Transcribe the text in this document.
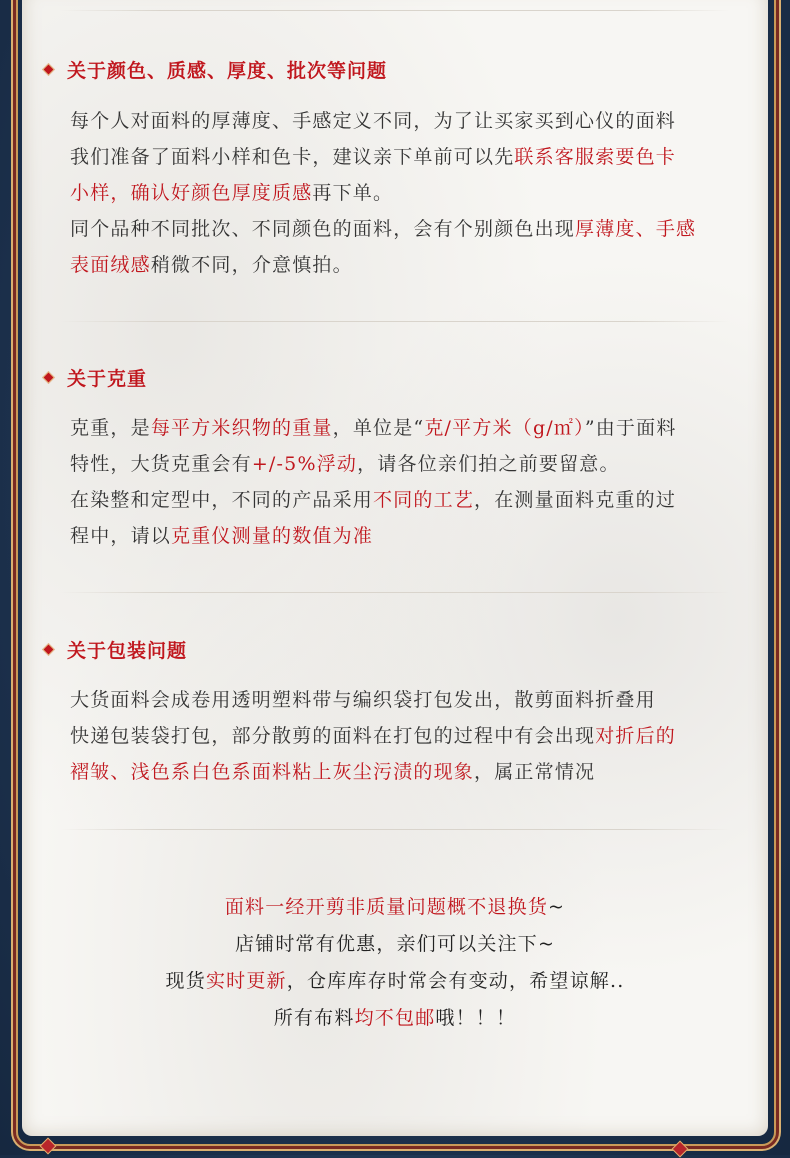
关于颜色、质感、厚度、批次等问题
每个人对面料的厚薄度、手感定义不同，为了让买家买到心仪的面料
我们准备了面料小样和色卡，建议亲下单前可以先联系客服索要色卡
小样，确认好颜色厚度质感再下单。
同个品种不同批次、不同颜色的面料，会有个别颜色出现厚薄度、手感
表面绒感稍微不同，介意慎拍。
关于克重
克重，是每平方米织物的重量，单位是“克/平方米（g/㎡）”由于面料
特性，大货克重会有+/-5%浮动，请各位亲们拍之前要留意。
在染整和定型中，不同的产品采用不同的工艺，在测量面料克重的过
程中，请以克重仪测量的数值为准
关于包装问题
大货面料会成卷用透明塑料带与编织袋打包发出，散剪面料折叠用
快递包装袋打包，部分散剪的面料在打包的过程中有会出现对折后的
褶皱、浅色系白色系面料粘上灰尘污渍的现象，属正常情况
面料一经开剪非质量问题概不退换货~
店铺时常有优惠，亲们可以关注下~
现货实时更新，仓库库存时常会有变动，希望谅解..
所有布料均不包邮哦！！！
